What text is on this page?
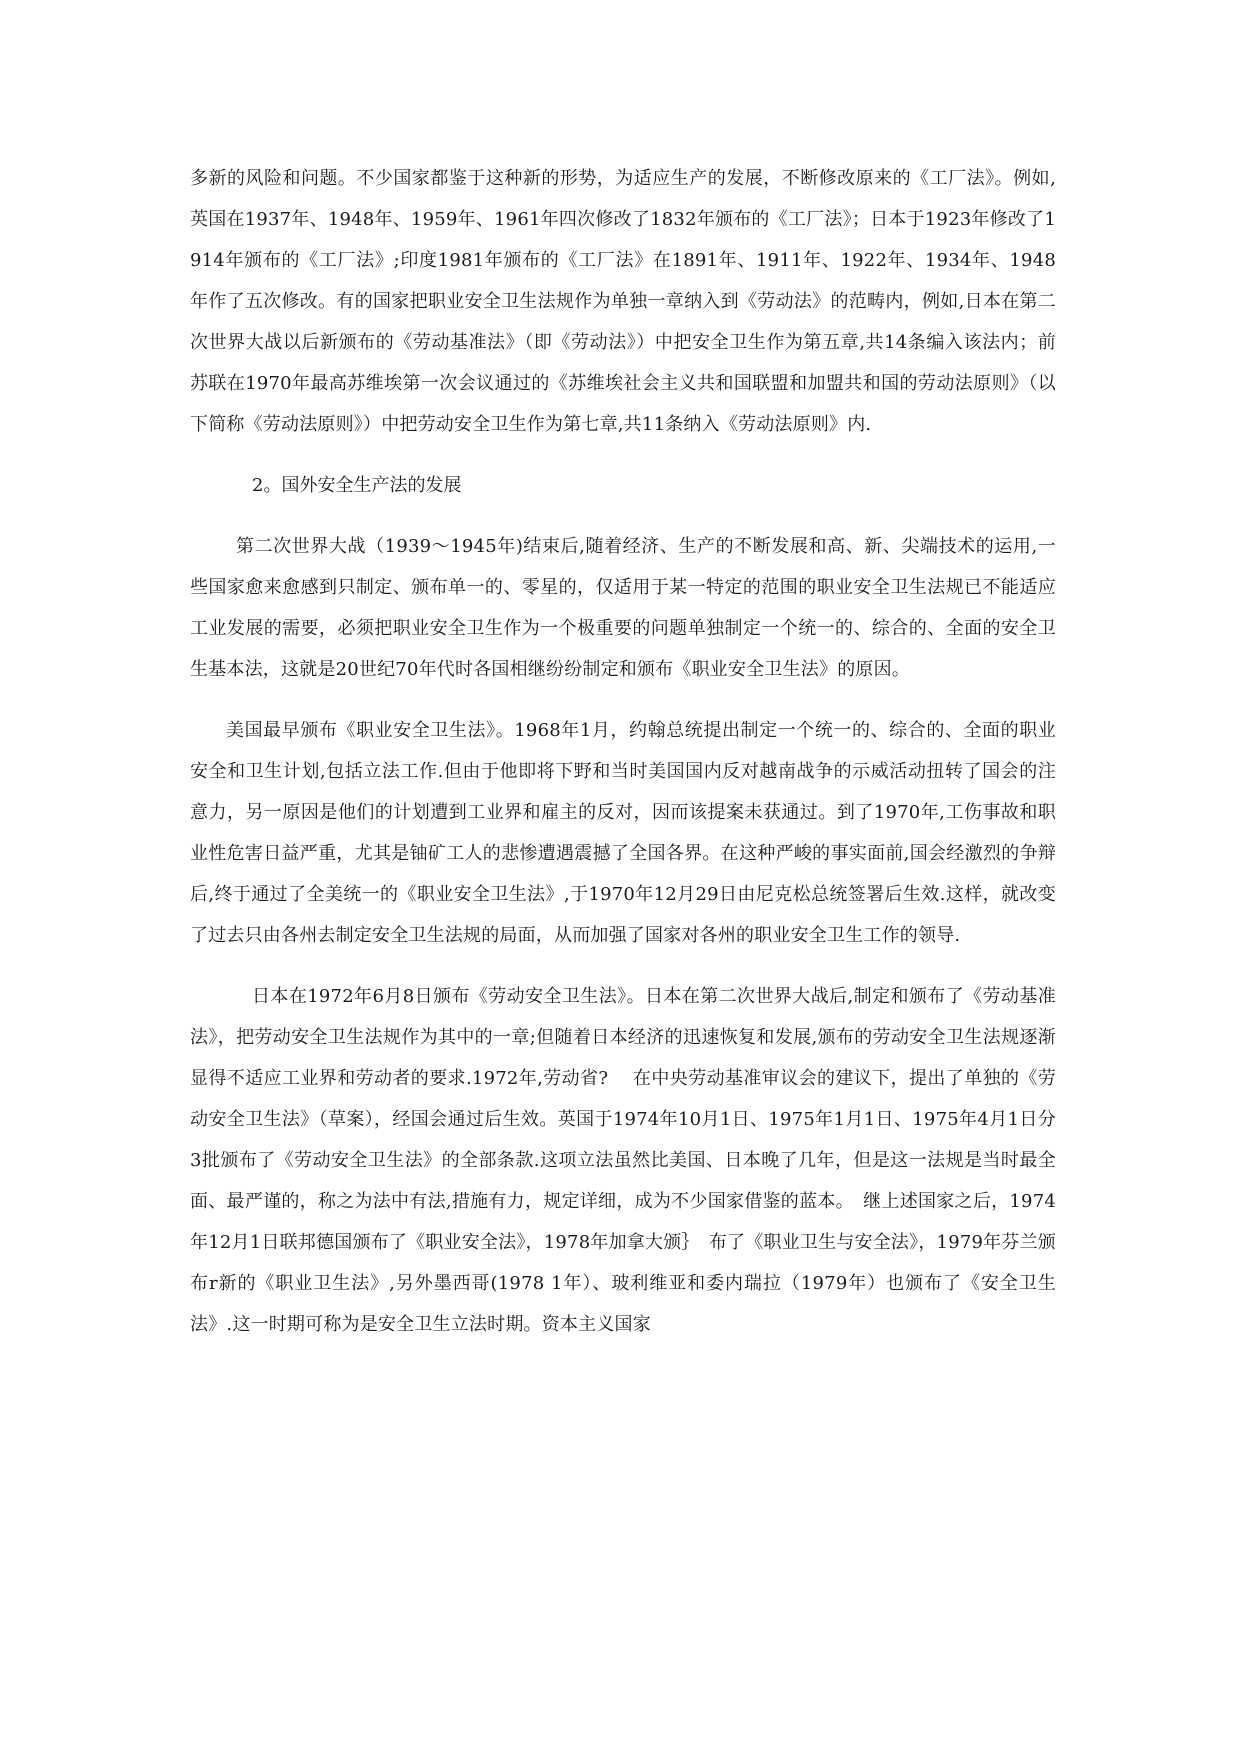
多新的风险和问题。不少国家都鉴于这种新的形势，为适应生产的发展，不断修改原来的《工厂法》。例如,英国在1937年、1948年、1959年、1961年四次修改了1832年颁布的《工厂法》；日本于1923年修改了1914年颁布的《工厂法》;印度1981年颁布的《工厂法》在1891年、1911年、1922年、1934年、1948年作了五次修改。有的国家把职业安全卫生法规作为单独一章纳入到《劳动法》的范畴内，例如,日本在第二次世界大战以后新颁布的《劳动基准法》（即《劳动法》）中把安全卫生作为第五章,共14条编入该法内；前苏联在1970年最高苏维埃第一次会议通过的《苏维埃社会主义共和国联盟和加盟共和国的劳动法原则》（以下简称《劳动法原则》）中把劳动安全卫生作为第七章,共11条纳入《劳动法原则》内.

2。国外安全生产法的发展

第二次世界大战（1939～1945年)结束后,随着经济、生产的不断发展和高、新、尖端技术的运用,一些国家愈来愈感到只制定、颁布单一的、零星的，仅适用于某一特定的范围的职业安全卫生法规已不能适应工业发展的需要，必须把职业安全卫生作为一个极重要的问题单独制定一个统一的、综合的、全面的安全卫生基本法，这就是20世纪70年代时各国相继纷纷制定和颁布《职业安全卫生法》的原因。

美国最早颁布《职业安全卫生法》。1968年1月，约翰总统提出制定一个统一的、综合的、全面的职业安全和卫生计划,包括立法工作.但由于他即将下野和当时美国国内反对越南战争的示威活动扭转了国会的注意力，另一原因是他们的计划遭到工业界和雇主的反对，因而该提案未获通过。到了1970年,工伤事故和职业性危害日益严重，尤其是铀矿工人的悲惨遭遇震撼了全国各界。在这种严峻的事实面前,国会经激烈的争辩后,终于通过了全美统一的《职业安全卫生法》,于1970年12月29日由尼克松总统签署后生效.这样，就改变了过去只由各州去制定安全卫生法规的局面，从而加强了国家对各州的职业安全卫生工作的领导.

日本在1972年6月8日颁布《劳动安全卫生法》。日本在第二次世界大战后,制定和颁布了《劳动基准法》，把劳动安全卫生法规作为其中的一章;但随着日本经济的迅速恢复和发展,颁布的劳动安全卫生法规逐渐显得不适应工业界和劳动者的要求.1972年,劳动省?　 在中央劳动基准审议会的建议下，提出了单独的《劳动安全卫生法》（草案），经国会通过后生效。英国于1974年10月1日、1975年1月1日、1975年4月1日分3批颁布了《劳动安全卫生法》的全部条款.这项立法虽然比美国、日本晚了几年，但是这一法规是当时最全面、最严谨的，称之为法中有法,措施有力，规定详细，成为不少国家借鉴的蓝本。　继上述国家之后，1974年12月1日联邦德国颁布了《职业安全法》，1978年加拿大颁｝　布了《职业卫生与安全法》，1979年芬兰颁布r新的《职业卫生法》,另外墨西哥(1978 1年）、玻利维亚和委内瑞拉（1979年）也颁布了《安全卫生法》.这一时期可称为是安全卫生立法时期。资本主义国家
